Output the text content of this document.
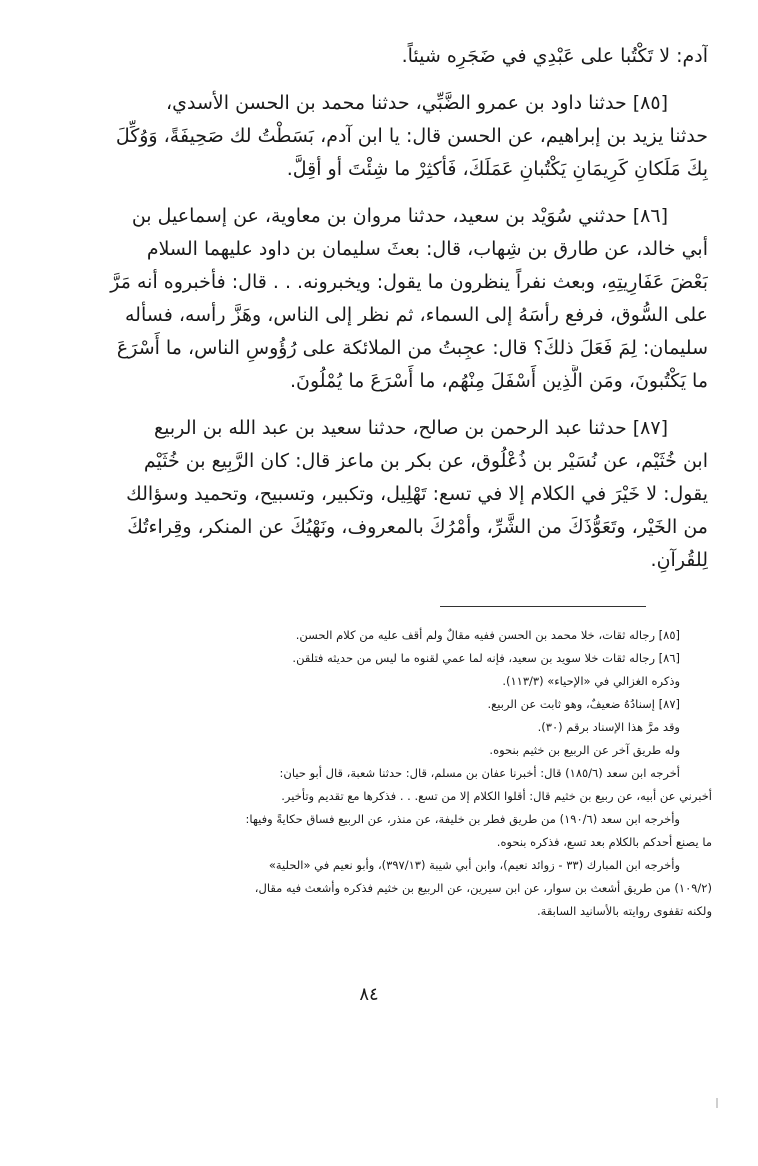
آدم: لا تَكْتُبا على عَبْدِي في ضَجَرِه شيئاً.
[٨٥] حدثنا داود بن عمرو الضَّبِّي، حدثنا محمد بن الحسن الأسدي،
حدثنا يزيد بن إبراهيم، عن الحسن قال: يا ابن آدم، بَسَطْتُ لك صَحِيفَةً، وَوُكِّلَ
بِكَ مَلَكانِ كَرِيمَانِ يَكْتُبانِ عَمَلَكَ، فَأكثِرْ ما شِئْتَ أو أقِلَّ.
[٨٦] حدثني سُوَيْد بن سعيد، حدثنا مروان بن معاوية، عن إسماعيل بن
أبي خالد، عن طارق بن شِهاب، قال: بعثَ سليمان بن داود عليهما السلام
بَعْضَ عَفَارِيتِهِ، وبعث نفراً ينظرون ما يقول: ويخبرونه. . . قال: فأخبروه أنه مَرَّ
على السُّوق، فرفع رأسَهُ إلى السماء، ثم نظر إلى الناس، وهَزَّ رأسه، فسأله
سليمان: لِمَ فَعَلَ ذلكَ؟ قال: عجِبتُ من الملائكة على رُؤُوسِ الناس، ما أَسْرَعَ
ما يَكْتُبونَ، ومَن الَّذِين أَسْفَلَ مِنْهُم، ما أَسْرَعَ ما يُمْلُونَ.
[٨٧] حدثنا عبد الرحمن بن صالح، حدثنا سعيد بن عبد الله بن الربيع
ابن خُثَيْم، عن نُسَيْر بن ذُعْلُوق، عن بكر بن ماعز قال: كان الرَّبِيع بن خُثَيْم
يقول: لا خَيْرَ في الكلام إلا في تسع: تَهْلِيل، وتكبير، وتسبيح، وتحميد وسؤالك
من الخَيْر، وتَعَوُّذَكَ من الشَّرِّ، وأمْرُكَ بالمعروف، ونَهْيُكَ عن المنكر، وقِراءتُكَ
لِلقُرآنِ.
[٨٥] رجاله ثقات، خلا محمد بن الحسن ففيه مقالٌ ولم أقف عليه من كلام الحسن.
[٨٦] رجاله ثقات خلا سويد بن سعيد، فإنه لما عمي لقنوه ما ليس من حديثه فتلقن.
وذكره الغزالي في «الإحياء» (١١٣/٣).
[٨٧] إسنادُهُ ضعيفٌ، وهو ثابت عن الربيع.
وقد مرَّ هذا الإسناد برقم (٣٠).
وله طريق آخر عن الربيع بن خثيم بنحوه.
أخرجه ابن سعد (١٨٥/٦) قال: أخبرنا عفان بن مسلم، قال: حدثنا شعبة، قال أبو حيان:
أخبرني عن أبيه، عن ربيع بن خثيم قال: أقلوا الكلام إلا من تسع. . . فذكرها مع تقديم وتأخير.
وأخرجه ابن سعد (١٩٠/٦) من طريق فطر بن خليفة، عن منذر، عن الربيع فساق حكايةً وفيها:
ما يصنع أحدكم بالكلام بعد تسع، فذكره بنحوه.
وأخرجه ابن المبارك (٣٣ - زوائد نعيم)، وابن أبي شيبة (٣٩٧/١٣)، وأبو نعيم في «الحلية»
(١٠٩/٢) من طريق أشعث بن سوار، عن ابن سيرين، عن الربيع بن خثيم فذكره وأشعث فيه مقال،
ولكنه تقفوى روايته بالأسانيد السابقة.
٨٤
